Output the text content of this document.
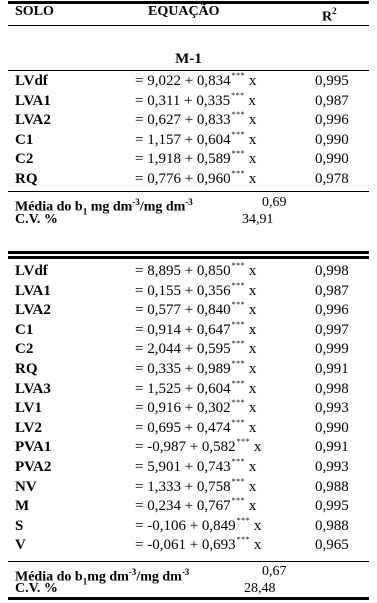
SOLO	EQUAÇÃO	$R^2$
M-1
LVdf	= 9,022 + 0,834*** x	0,995
LVA1	= 0,311 + 0,335*** x	0,987
LVA2	= 0,627 + 0,833*** x	0,996
C1	= 1,157 + 0,604*** x	0,990
C2	= 1,918 + 0,589*** x	0,990
RQ	= 0,776 + 0,960*** x	0,978
Média do $b_1$ mg $dm^{-3}/mg$ $dm^{-3}$	0,69
C.V. %	34,91
LVdf	= 8,895 + 0,850*** x	0,998
LVA1	= 0,155 + 0,356*** x	0,987
LVA2	= 0,577 + 0,840*** x	0,996
C1	= 0,914 + 0,647*** x	0,997
C2	= 2,044 + 0,595*** x	0,999
RQ	= 0,335 + 0,989*** x	0,991
LVA3	= 1,525 + 0,604*** x	0,998
LV1	= 0,916 + 0,302*** x	0,993
LV2	= 0,695 + 0,474*** x	0,990
PVA1	= -0,987 + 0,582*** x	0,991
PVA2	= 5,901 + 0,743*** x	0,993
NV	= 1,333 + 0,758*** x	0,988
M	= 0,234 + 0,767*** x	0,995
S	= -0,106 + 0,849*** x	0,988
V	= -0,061 + 0,693*** x	0,965
Média do $b_1mg$ $dm^{-3}/mg$ $dm^{-3}$	0,67
C.V. %	28,48
